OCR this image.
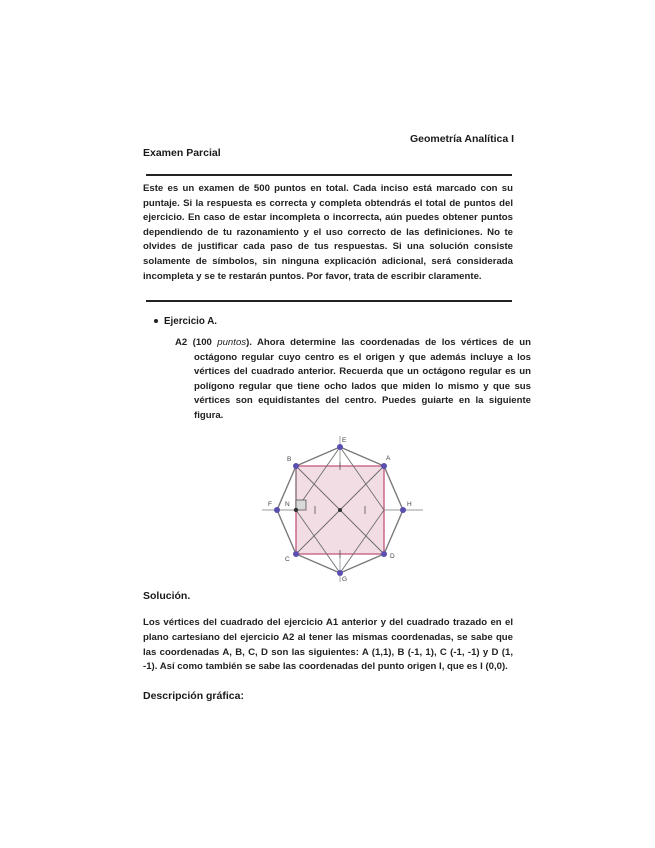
Geometría Analítica I
Examen Parcial
Este es un examen de 500 puntos en total. Cada inciso está marcado con su puntaje. Si la respuesta es correcta y completa obtendrás el total de puntos del ejercicio. En caso de estar incompleta o incorrecta, aún puedes obtener puntos dependiendo de tu razonamiento y el uso correcto de las definiciones. No te olvides de justificar cada paso de tus respuestas. Si una solución consiste solamente de símbolos, sin ninguna explicación adicional, será considerada incompleta y se te restarán puntos. Por favor, trata de escribir claramente.
Ejercicio A.
A2 (100 puntos). Ahora determine las coordenadas de los vértices de un octágono regular cuyo centro es el origen y que además incluye a los vértices del cuadrado anterior. Recuerda que un octágono regular es un polígono regular que tiene ocho lados que miden lo mismo y que sus vértices son equidistantes del centro. Puedes guiarte en la siguiente figura.
A
B
C	D
E
F
G
H
N
Solución.
Los vértices del cuadrado del ejercicio A1 anterior y del cuadrado trazado en el plano cartesiano del ejercicio A2 al tener las mismas coordenadas, se sabe que las coordenadas A, B, C, D son las siguientes: A (1,1), B (-1, 1), C (-1, -1) y D (1, -1). Así como también se sabe las coordenadas del punto origen I, que es I (0,0).
Descripción gráfica:
